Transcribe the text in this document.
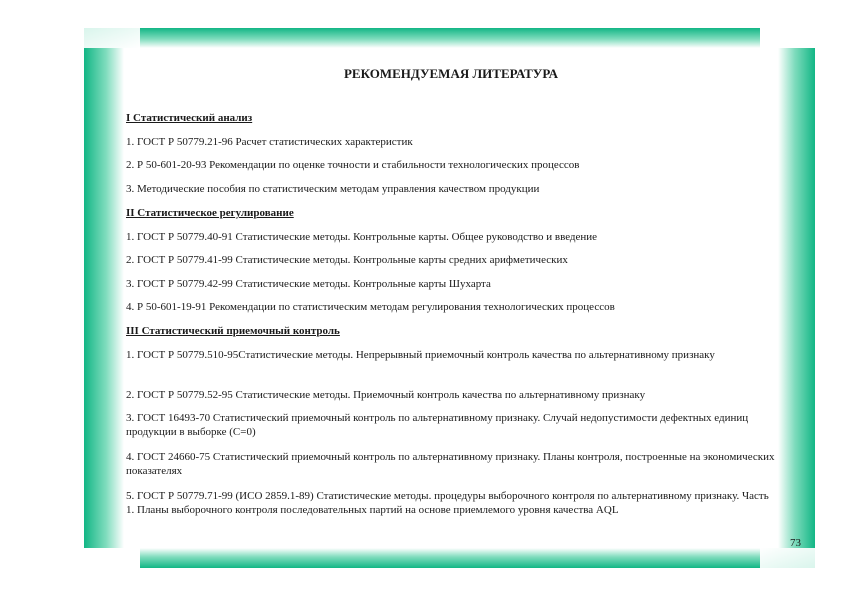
РЕКОМЕНДУЕМАЯ ЛИТЕРАТУРА
I Статистический анализ
1. ГОСТ Р 50779.21-96 Расчет статистических характеристик
2. Р 50-601-20-93 Рекомендации по оценке точности и стабильности технологических процессов
3. Методические пособия по статистическим методам управления качеством продукции
II Статистическое регулирование
1. ГОСТ Р 50779.40-91 Статистические методы. Контрольные карты. Общее руководство и введение
2. ГОСТ Р 50779.41-99 Статистические методы. Контрольные карты средних арифметических
3. ГОСТ Р 50779.42-99 Статистические методы. Контрольные карты Шухарта
4. Р 50-601-19-91 Рекомендации по статистическим методам регулирования технологических процессов
III Статистический приемочный контроль
1. ГОСТ Р 50779.510-95Статистические методы. Непрерывный приемочный контроль качества по альтернативному признаку
2. ГОСТ Р 50779.52-95 Статистические методы. Приемочный контроль качества по альтернативному признаку
3. ГОСТ 16493-70 Статистический приемочный контроль по альтернативному признаку. Случай недопустимости дефектных единиц продукции в выборке (С=0)
4. ГОСТ 24660-75 Статистический приемочный контроль по альтернативному признаку. Планы контроля, построенные на экономических показателях
5. ГОСТ Р 50779.71-99 (ИСО 2859.1-89) Статистические методы. процедуры выборочного контроля по альтернативному признаку. Часть 1. Планы выборочного контроля последовательных партий на основе приемлемого уровня качества AQL
73
